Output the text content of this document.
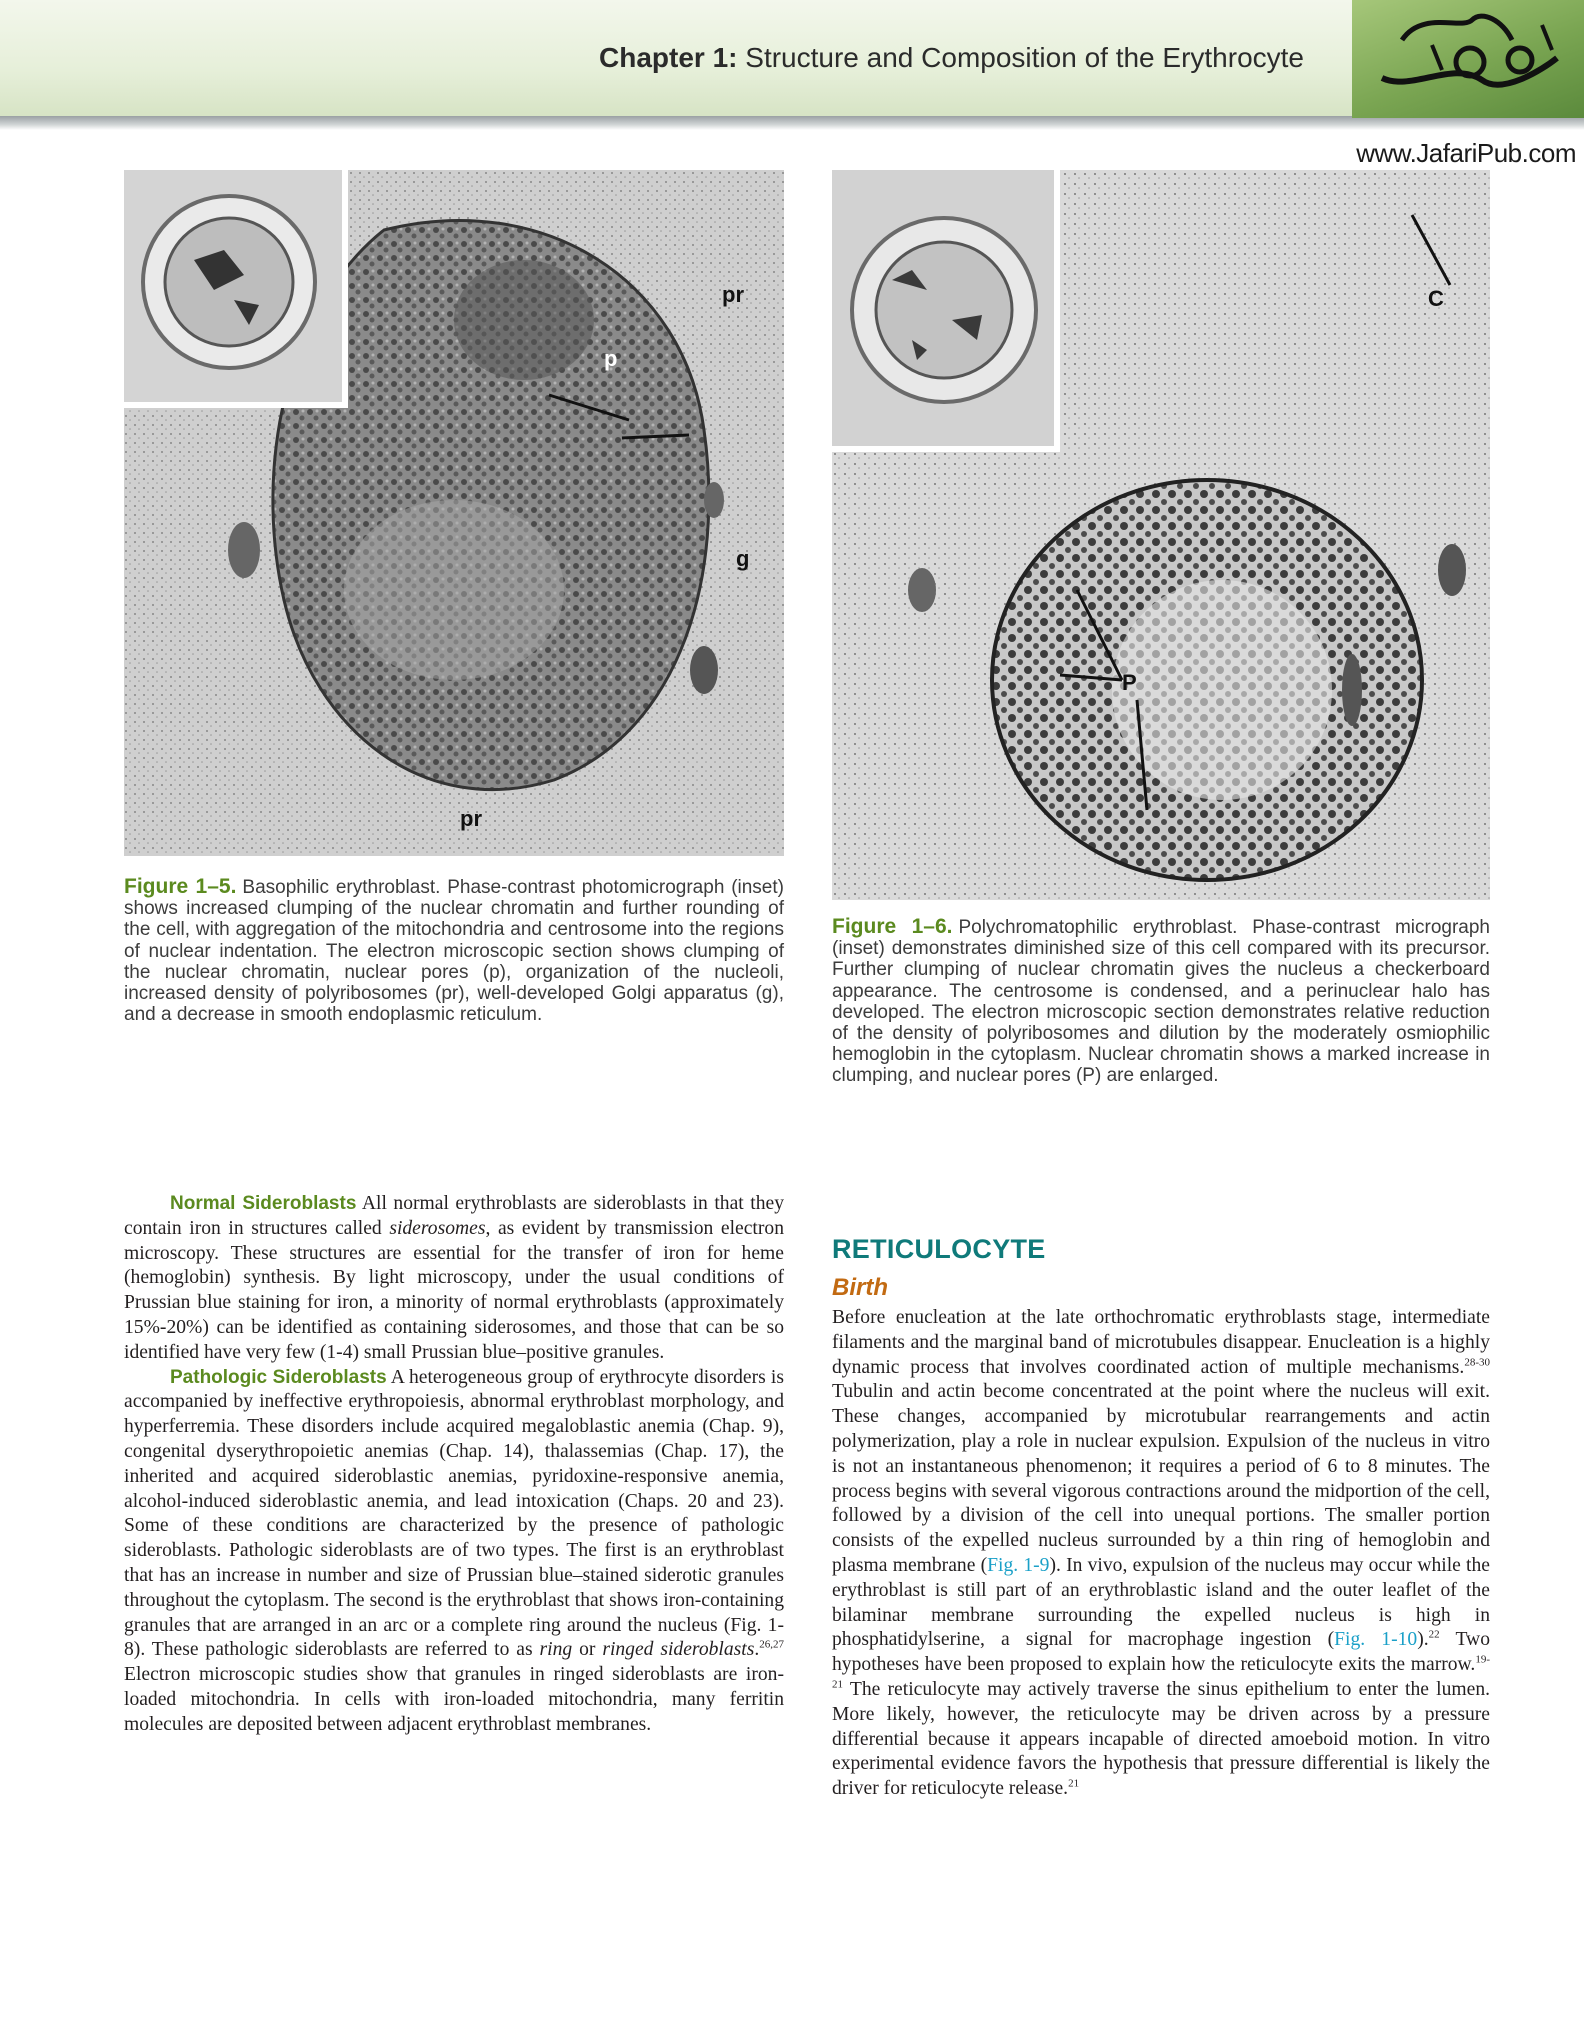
Chapter 1: Structure and Composition of the Erythrocyte
www.JafariPub.com
pr
p
g
pr
Figure 1–5. Basophilic erythroblast. Phase-contrast photomicrograph (inset) shows increased clumping of the nuclear chromatin and further rounding of the cell, with aggregation of the mitochondria and centrosome into the regions of nuclear indentation. The electron microscopic section shows clumping of the nuclear chromatin, nuclear pores (p), organization of the nucleoli, increased density of polyribosomes (pr), well-developed Golgi apparatus (g), and a decrease in smooth endoplasmic reticulum.
C
P
Figure 1–6. Polychromatophilic erythroblast. Phase-contrast micrograph (inset) demonstrates diminished size of this cell compared with its precursor. Further clumping of nuclear chromatin gives the nucleus a checkerboard appearance. The centrosome is condensed, and a perinuclear halo has developed. The electron microscopic section demonstrates relative reduction of the density of polyribosomes and dilution by the moderately osmiophilic hemoglobin in the cytoplasm. Nuclear chromatin shows a marked increase in clumping, and nuclear pores (P) are enlarged.

Normal Sideroblasts All normal erythroblasts are sideroblasts in that they contain iron in structures called siderosomes, as evident by transmission electron microscopy. These structures are essential for the transfer of iron for heme (hemoglobin) synthesis. By light microscopy, under the usual conditions of Prussian blue staining for iron, a minority of normal erythroblasts (approximately 15%-20%) can be identified as containing siderosomes, and those that can be so identified have very few (1-4) small Prussian blue–positive granules.

Pathologic Sideroblasts A heterogeneous group of erythrocyte disorders is accompanied by ineffective erythropoiesis, abnormal erythroblast morphology, and hyperferremia. These disorders include acquired megaloblastic anemia (Chap. 9), congenital dyserythropoietic anemias (Chap. 14), thalassemias (Chap. 17), the inherited and acquired sideroblastic anemias, pyridoxine-responsive anemia, alcohol-induced sideroblastic anemia, and lead intoxication (Chaps. 20 and 23). Some of these conditions are characterized by the presence of pathologic sideroblasts. Pathologic sideroblasts are of two types. The first is an erythroblast that has an increase in number and size of Prussian blue–stained siderotic granules throughout the cytoplasm. The second is the erythroblast that shows iron-containing granules that are arranged in an arc or a complete ring around the nucleus (Fig. 1-8). These pathologic sideroblasts are referred to as ring or ringed sideroblasts.$^{26,27}$ Electron microscopic studies show that granules in ringed sideroblasts are iron-loaded mitochondria. In cells with iron-loaded mitochondria, many ferritin molecules are deposited between adjacent erythroblast membranes.

RETICULOCYTE
Birth

Before enucleation at the late orthochromatic erythroblasts stage, intermediate filaments and the marginal band of microtubules disappear. Enucleation is a highly dynamic process that involves coordinated action of multiple mechanisms.$^{28-30}$ Tubulin and actin become concentrated at the point where the nucleus will exit. These changes, accompanied by microtubular rearrangements and actin polymerization, play a role in nuclear expulsion. Expulsion of the nucleus in vitro is not an instantaneous phenomenon; it requires a period of 6 to 8 minutes. The process begins with several vigorous contractions around the midportion of the cell, followed by a division of the cell into unequal portions. The smaller portion consists of the expelled nucleus surrounded by a thin ring of hemoglobin and plasma membrane (Fig. 1-9). In vivo, expulsion of the nucleus may occur while the erythroblast is still part of an erythroblastic island and the outer leaflet of the bilaminar membrane surrounding the expelled nucleus is high in phosphatidylserine, a signal for macrophage ingestion (Fig. 1-10).$^{22}$ Two hypotheses have been proposed to explain how the reticulocyte exits the marrow.$^{19-21}$ The reticulocyte may actively traverse the sinus epithelium to enter the lumen. More likely, however, the reticulocyte may be driven across by a pressure differential because it appears incapable of directed amoeboid motion. In vitro experimental evidence favors the hypothesis that pressure differential is likely the driver for reticulocyte release.$^{21}$
